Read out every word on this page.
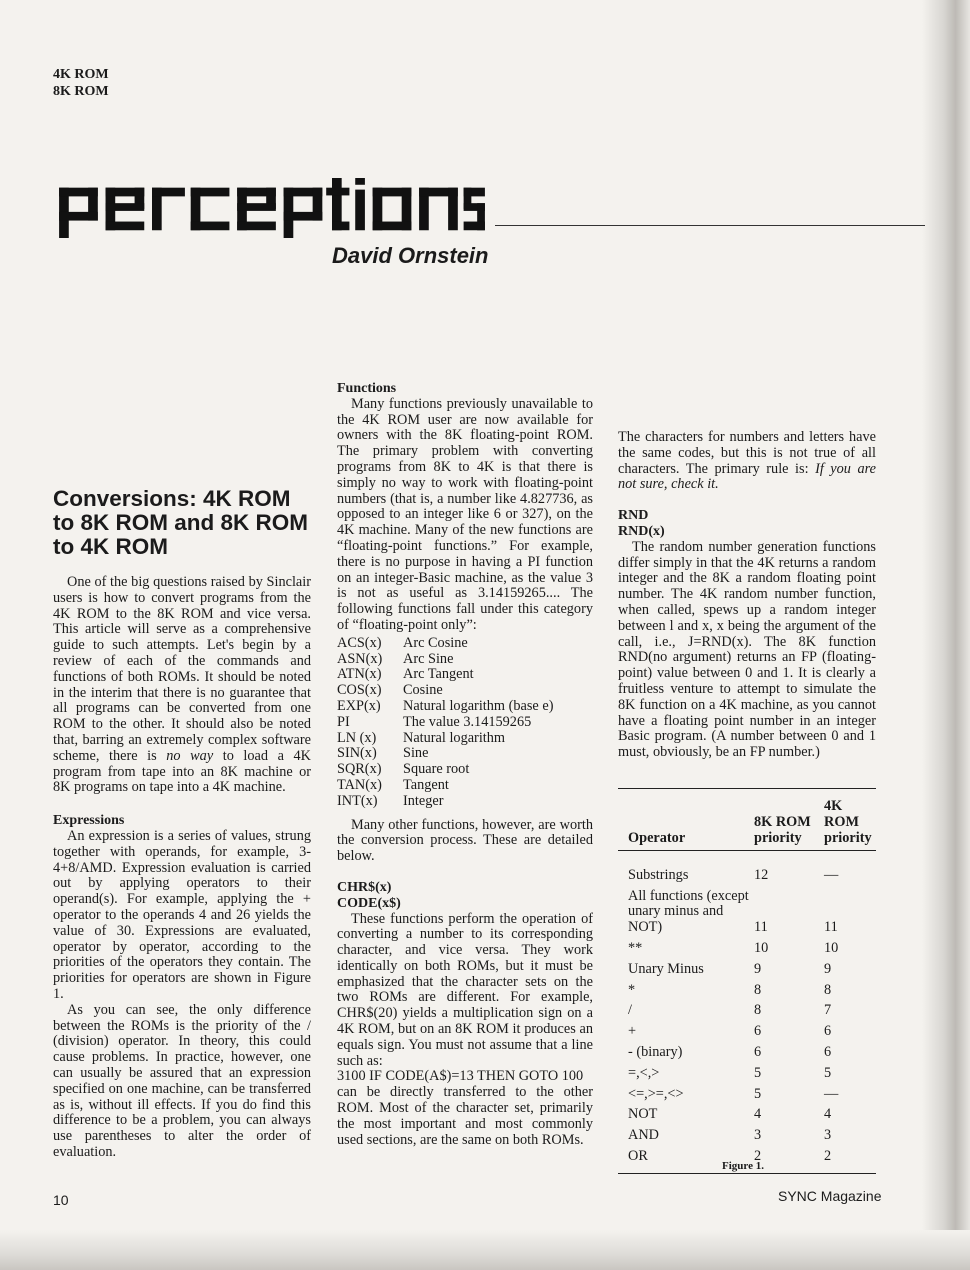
4K ROM
8K ROM
David Ornstein
Conversions: 4K ROM to 8K ROM and 8K ROM to 4K ROM

One of the big questions raised by Sinclair users is how to convert programs from the 4K ROM to the 8K ROM and vice versa. This article will serve as a comprehensive guide to such attempts. Let's begin by a review of each of the commands and functions of both ROMs. It should be noted in the interim that there is no guarantee that all programs can be converted from one ROM to the other. It should also be noted that, barring an extremely complex software scheme, there is no way to load a 4K program from tape into an 8K machine or 8K programs on tape into a 4K machine.

Expressions

An expression is a series of values, strung together with operands, for example, 3-4+8/AMD. Expression evaluation is carried out by applying operators to their operand(s). For example, applying the + operator to the operands 4 and 26 yields the value of 30. Expressions are evaluated, operator by operator, according to the priorities of the operators they contain. The priorities for operators are shown in Figure 1.

As you can see, the only difference between the ROMs is the priority of the / (division) operator. In theory, this could cause problems. In practice, however, one can usually be assured that an expression specified on one machine, can be transferred as is, without ill effects. If you do find this difference to be a problem, you can always use parentheses to alter the order of evaluation.

Functions

Many functions previously unavailable to the 4K ROM user are now available for owners with the 8K floating-point ROM. The primary problem with converting programs from 8K to 4K is that there is simply no way to work with floating-point numbers (that is, a number like 4.827736, as opposed to an integer like 6 or 327), on the 4K machine. Many of the new functions are “floating-point functions.” For example, there is no purpose in having a PI function on an integer-Basic machine, as the value 3 is not as useful as 3.14159265.... The following functions fall under this category of “floating-point only”:

ACS(x)	Arc Cosine
ASN(x)	Arc Sine
ATN(x)	Arc Tangent
COS(x)	Cosine
EXP(x)	Natural logarithm (base e)
PI	The value 3.14159265
LN (x)	Natural logarithm
SIN(x)	Sine
SQR(x)	Square root
TAN(x)	Tangent
INT(x)	Integer

Many other functions, however, are worth the conversion process. These are detailed below.

CHR$(x)

CODE(x$)

These functions perform the operation of converting a number to its corresponding character, and vice versa. They work identically on both ROMs, but it must be emphasized that the character sets on the two ROMs are different. For example, CHR$(20) yields a multiplication sign on a 4K ROM, but on an 8K ROM it produces an equals sign. You must not assume that a line such as:

3100 IF CODE(A$)=13 THEN GOTO 100

can be directly transferred to the other ROM. Most of the character set, primarily the most important and most commonly used sections, are the same on both ROMs.

The characters for numbers and letters have the same codes, but this is not true of all characters. The primary rule is: If you are not sure, check it.

RND

RND(x)

The random number generation functions differ simply in that the 4K returns a random integer and the 8K a random floating point number. The 4K random number function, when called, spews up a random integer between l and x, x being the argument of the call, i.e., J=RND(x). The 8K function RND(no argument) returns an FP (floating-point) value between 0 and 1. It is clearly a fruitless venture to attempt to simulate the 8K function on a 4K machine, as you cannot have a floating point number in an integer Basic program. (A number between 0 and 1 must, obviously, be an FP number.)

Operator	8K ROM priority	4K ROM priority

Substrings	12	—
All functions (except unary minus and NOT)	11	11
**	10	10
Unary Minus	9	9
*	8	8
/	8	7
+	6	6
- (binary)	6	6
=,<,>	5	5
<=,>=,<>	5	—
NOT	4	4
AND	3	3
OR	2	2
Figure 1.
10	SYNC Magazine
